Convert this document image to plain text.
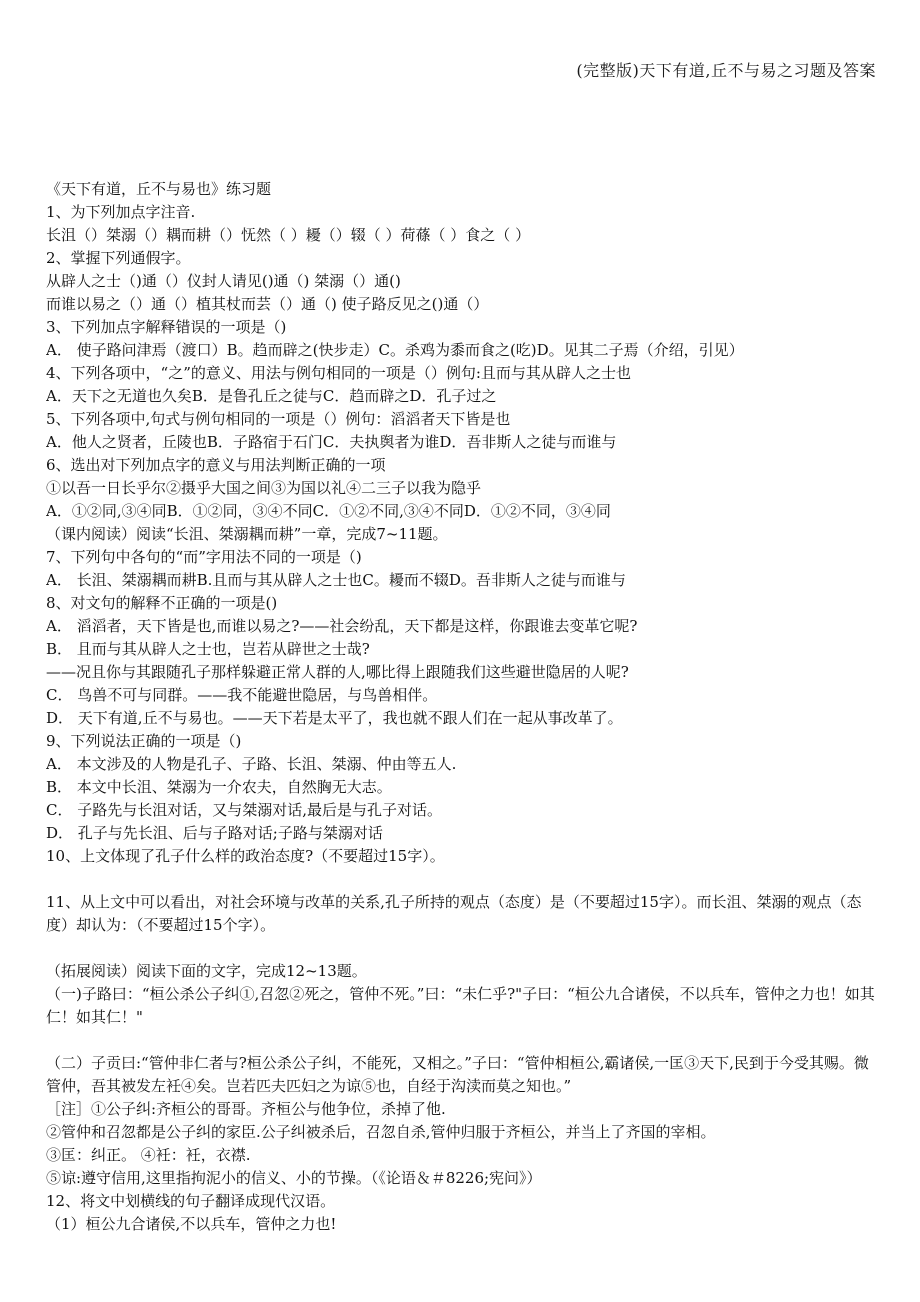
(完整版)天下有道,丘不与易之习题及答案
《天下有道，丘不与易也》练习题
1、为下列加点字注音.
长沮（）桀溺（）耦而耕（）怃然（ ）耰（）辍（ ）荷蓧（ ）食之（ ）
2、掌握下列通假字。
从辟人之士（)通（）仪封人请见()通（) 桀溺（）通()
而谁以易之（）通（）植其杖而芸（）通（) 使子路反见之()通（）
3、下列加点字解释错误的一项是（)
A． 使子路问津焉（渡口）B。趋而辟之(快步走）C。杀鸡为黍而食之(吃)D。见其二子焉（介绍，引见）
4、下列各项中，“之”的意义、用法与例句相同的一项是（）例句:且而与其从辟人之士也
A．天下之无道也久矣B．是鲁孔丘之徒与C．趋而辟之D．孔子过之
5、下列各项中,句式与例句相同的一项是（）例句：滔滔者天下皆是也
A．他人之贤者，丘陵也B．子路宿于石门C．夫执舆者为谁D．吾非斯人之徒与而谁与
6、选出对下列加点字的意义与用法判断正确的一项
①以吾一日长乎尔②摄乎大国之间③为国以礼④二三子以我为隐乎
A．①②同,③④同B．①②同，③④不同C．①②不同,③④不同D．①②不同，③④同
（课内阅读）阅读“长沮、桀溺耦而耕”一章，完成7~11题。
7、下列句中各句的“而”字用法不同的一项是（)
A． 长沮、桀溺耦而耕B.且而与其从辟人之士也C。耰而不辍D。吾非斯人之徒与而谁与
8、对文句的解释不正确的一项是()
A． 滔滔者，天下皆是也,而谁以易之?——社会纷乱，天下都是这样，你跟谁去变革它呢?
B． 且而与其从辟人之士也，岂若从辟世之士哉?
——况且你与其跟随孔子那样躲避正常人群的人,哪比得上跟随我们这些避世隐居的人呢?
C． 鸟兽不可与同群。——我不能避世隐居，与鸟兽相伴。
D． 天下有道,丘不与易也。——天下若是太平了，我也就不跟人们在一起从事改革了。
9、下列说法正确的一项是（)
A． 本文涉及的人物是孔子、子路、长沮、桀溺、仲由等五人.
B． 本文中长沮、桀溺为一介农夫，自然胸无大志。
C． 子路先与长沮对话，又与桀溺对话,最后是与孔子对话。
D． 孔子与先长沮、后与子路对话;子路与桀溺对话
10、上文体现了孔子什么样的政治态度?（不要超过15字）。
11、从上文中可以看出，对社会环境与改革的关系,孔子所持的观点（态度）是（不要超过15字）。而长沮、桀溺的观点（态度）却认为：（不要超过15个字）。
（拓展阅读）阅读下面的文字，完成12~13题。
（一)子路曰：“桓公杀公子纠①,召忽②死之，管仲不死。”曰：“未仁乎?"子曰：“桓公九合诸侯，不以兵车，管仲之力也！如其仁！如其仁！"
（二）子贡曰:“管仲非仁者与?桓公杀公子纠，不能死，又相之。”子曰：“管仲相桓公,霸诸侯,一匡③天下,民到于今受其赐。微管仲，吾其被发左衽④矣。岂若匹夫匹妇之为谅⑤也，自经于沟渎而莫之知也。”
［注］①公子纠:齐桓公的哥哥。齐桓公与他争位，杀掉了他.
②管仲和召忽都是公子纠的家臣.公子纠被杀后，召忽自杀,管仲归服于齐桓公，并当上了齐国的宰相。
③匡：纠正。 ④衽：衽，衣襟.
⑤谅:遵守信用,这里指拘泥小的信义、小的节操。（《论语＆＃8226;宪问》）
12、将文中划横线的句子翻译成现代汉语。
（1）桓公九合诸侯,不以兵车，管仲之力也!
